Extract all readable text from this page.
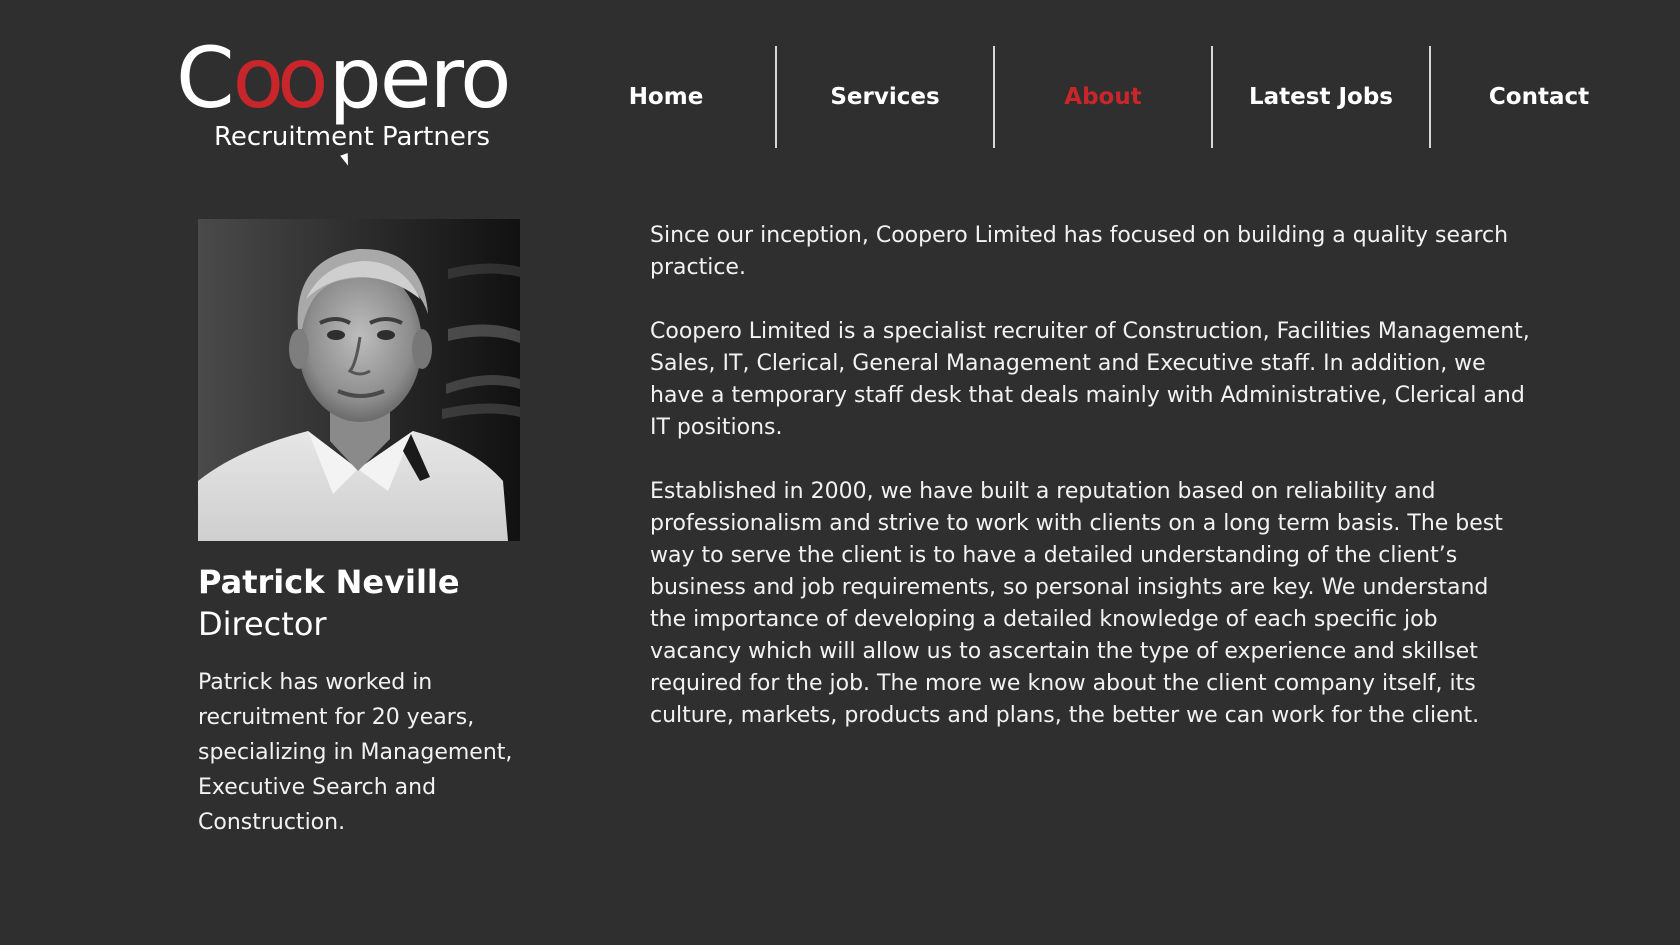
Coopero
Recruitment Partners
Home	Services	About	Latest Jobs	Contact
Patrick Neville
Director
Patrick has worked in recruitment for 20 years, specializing in Management, Executive Search and Construction.

Since our inception, Coopero Limited has focused on building a quality search practice.

Coopero Limited is a specialist recruiter of Construction, Facilities Management, Sales, IT, Clerical, General Management and Executive staff. In addition, we have a temporary staff desk that deals mainly with Administrative, Clerical and IT positions.

Established in 2000, we have built a reputation based on reliability and professionalism and strive to work with clients on a long term basis. The best way to serve the client is to have a detailed understanding of the client’s business and job requirements, so personal insights are key. We understand the importance of developing a detailed knowledge of each specific job vacancy which will allow us to ascertain the type of experience and skillset required for the job. The more we know about the client company itself, its culture, markets, products and plans, the better we can work for the client.
